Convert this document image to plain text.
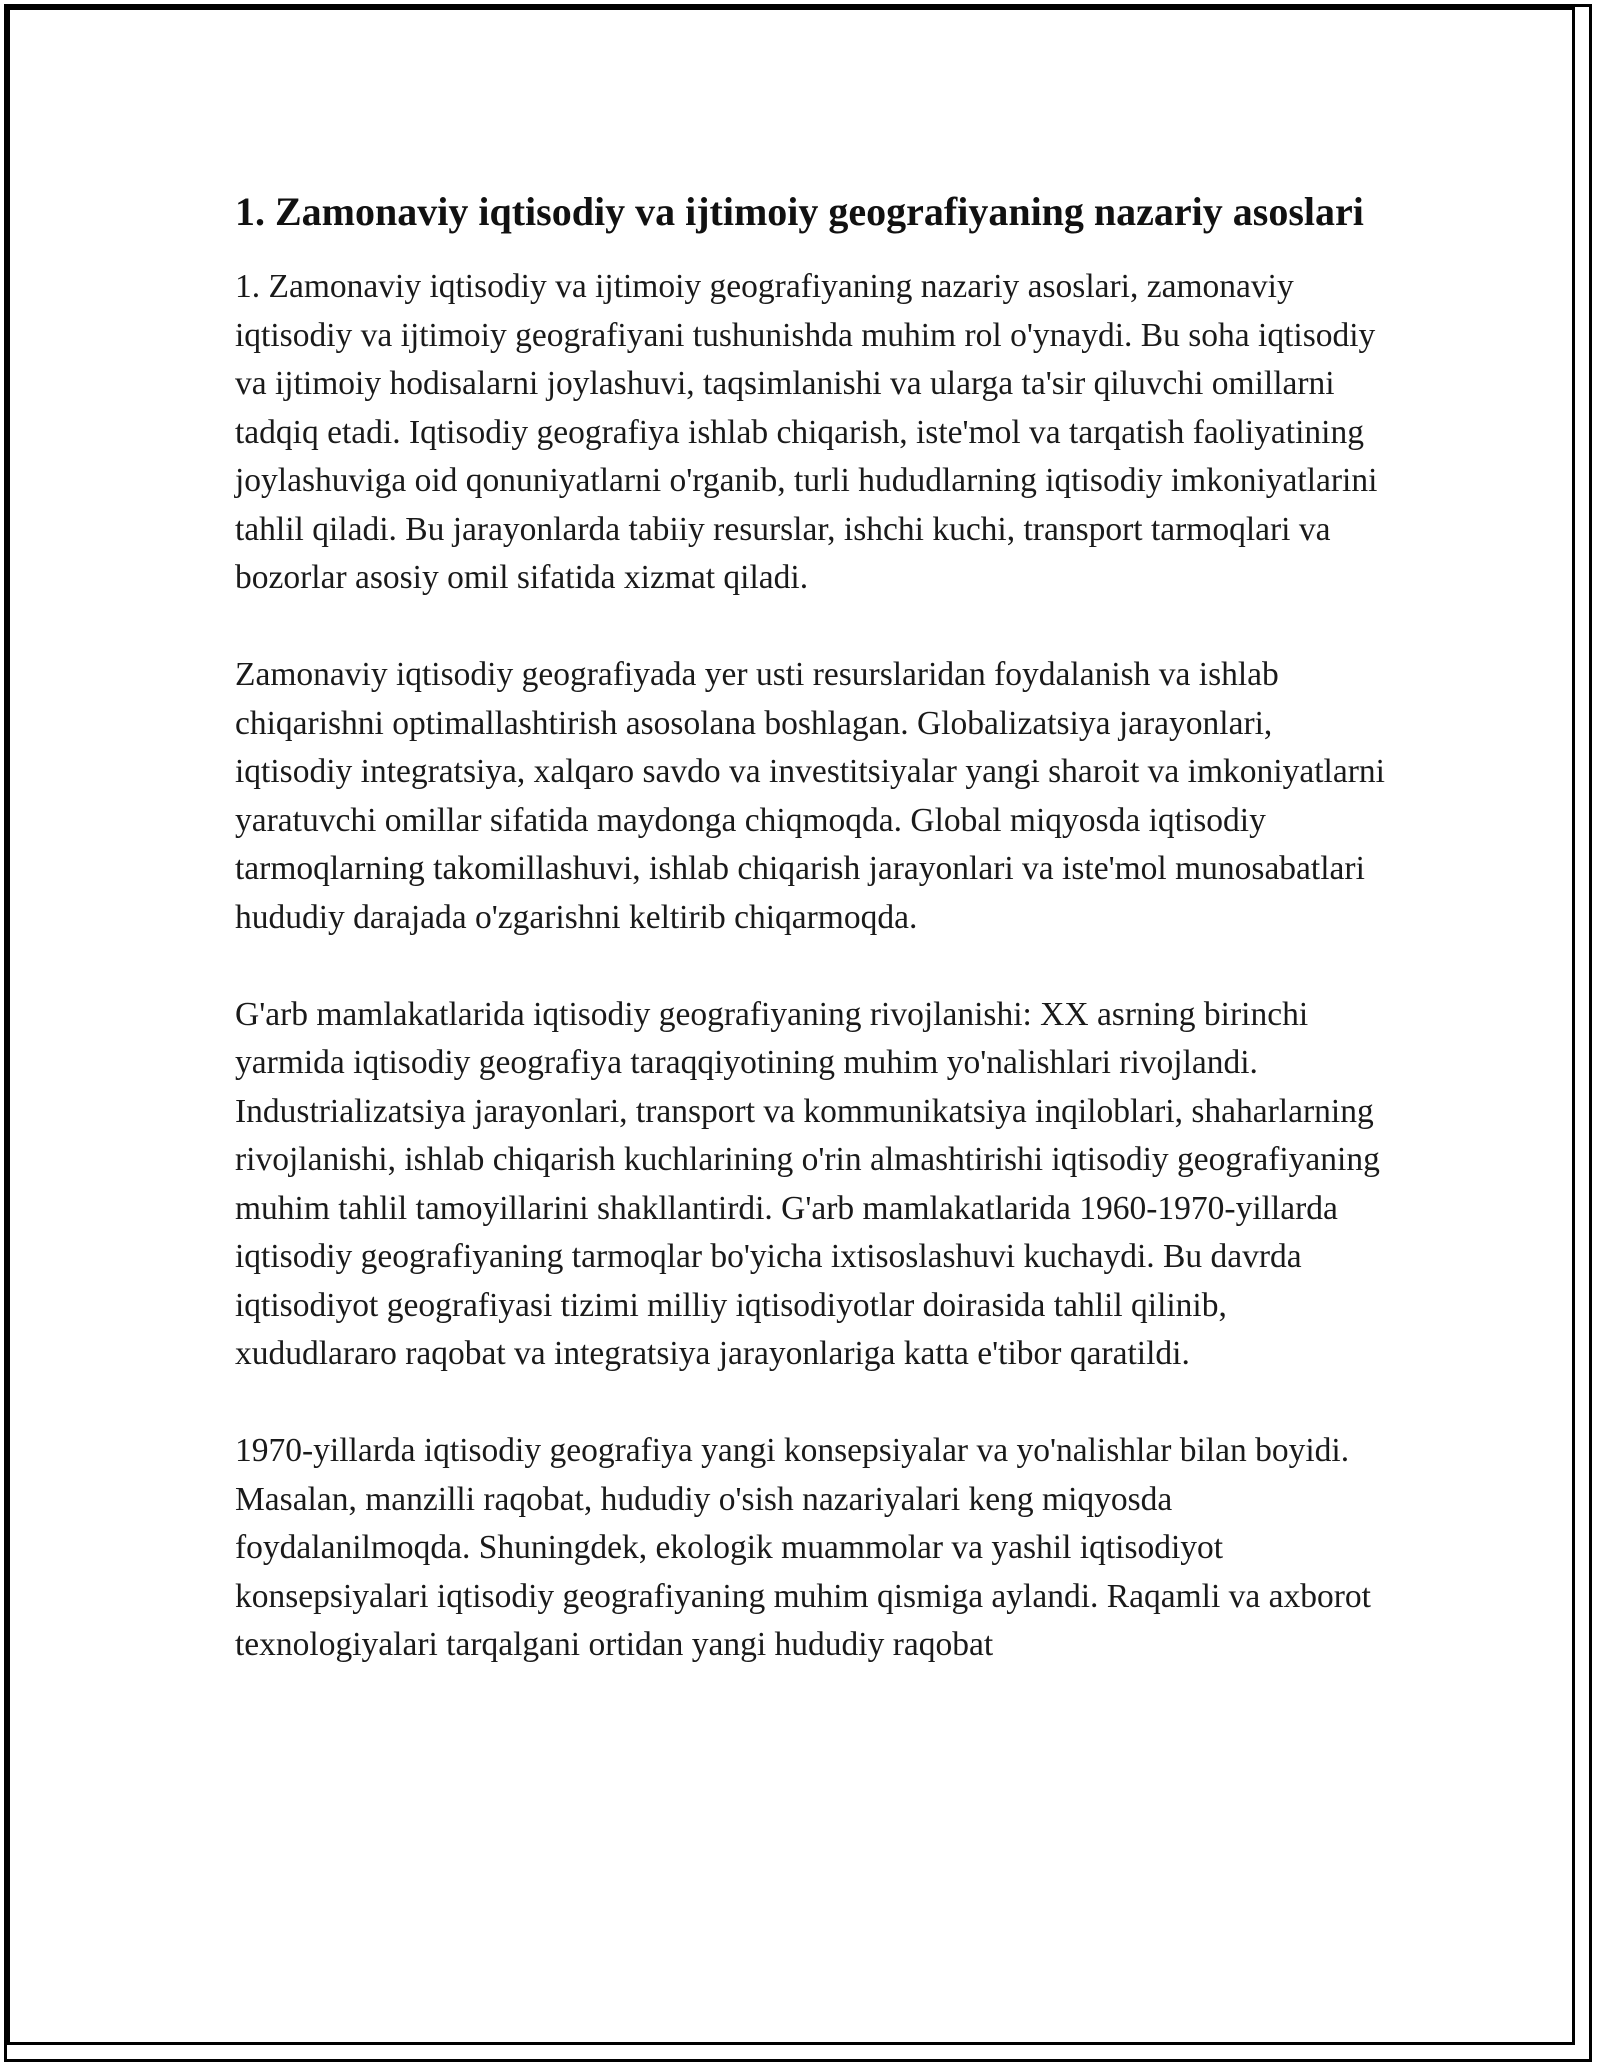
1. Zamonaviy iqtisodiy va ijtimoiy geografiyaning nazariy asoslari

1. Zamonaviy iqtisodiy va ijtimoiy geografiyaning nazariy asoslari, zamonaviy iqtisodiy va ijtimoiy geografiyani tushunishda muhim rol o'ynaydi. Bu soha iqtisodiy va ijtimoiy hodisalarni joylashuvi, taqsimlanishi va ularga ta'sir qiluvchi omillarni tadqiq etadi. Iqtisodiy geografiya ishlab chiqarish, iste'mol va tarqatish faoliyatining joylashuviga oid qonuniyatlarni o'rganib, turli hududlarning iqtisodiy imkoniyatlarini tahlil qiladi. Bu jarayonlarda tabiiy resurslar, ishchi kuchi, transport tarmoqlari va bozorlar asosiy omil sifatida xizmat qiladi.

Zamonaviy iqtisodiy geografiyada yer usti resurslaridan foydalanish va ishlab chiqarishni optimallashtirish asosolana boshlagan. Globalizatsiya jarayonlari, iqtisodiy integratsiya, xalqaro savdo va investitsiyalar yangi sharoit va imkoniyatlarni yaratuvchi omillar sifatida maydonga chiqmoqda. Global miqyosda iqtisodiy tarmoqlarning takomillashuvi, ishlab chiqarish jarayonlari va iste'mol munosabatlari hududiy darajada o'zgarishni keltirib chiqarmoqda.

G'arb mamlakatlarida iqtisodiy geografiyaning rivojlanishi: XX asrning birinchi yarmida iqtisodiy geografiya taraqqiyotining muhim yo'nalishlari rivojlandi. Industrializatsiya jarayonlari, transport va kommunikatsiya inqiloblari, shaharlarning rivojlanishi, ishlab chiqarish kuchlarining o'rin almashtirishi iqtisodiy geografiyaning muhim tahlil tamoyillarini shakllantirdi. G'arb mamlakatlarida 1960-1970-yillarda iqtisodiy geografiyaning tarmoqlar bo'yicha ixtisoslashuvi kuchaydi. Bu davrda iqtisodiyot geografiyasi tizimi milliy iqtisodiyotlar doirasida tahlil qilinib, xududlararo raqobat va integratsiya jarayonlariga katta e'tibor qaratildi.

1970-yillarda iqtisodiy geografiya yangi konsepsiyalar va yo'nalishlar bilan boyidi. Masalan, manzilli raqobat, hududiy o'sish nazariyalari keng miqyosda foydalanilmoqda. Shuningdek, ekologik muammolar va yashil iqtisodiyot konsepsiyalari iqtisodiy geografiyaning muhim qismiga aylandi. Raqamli va axborot texnologiyalari tarqalgani ortidan yangi hududiy raqobat
